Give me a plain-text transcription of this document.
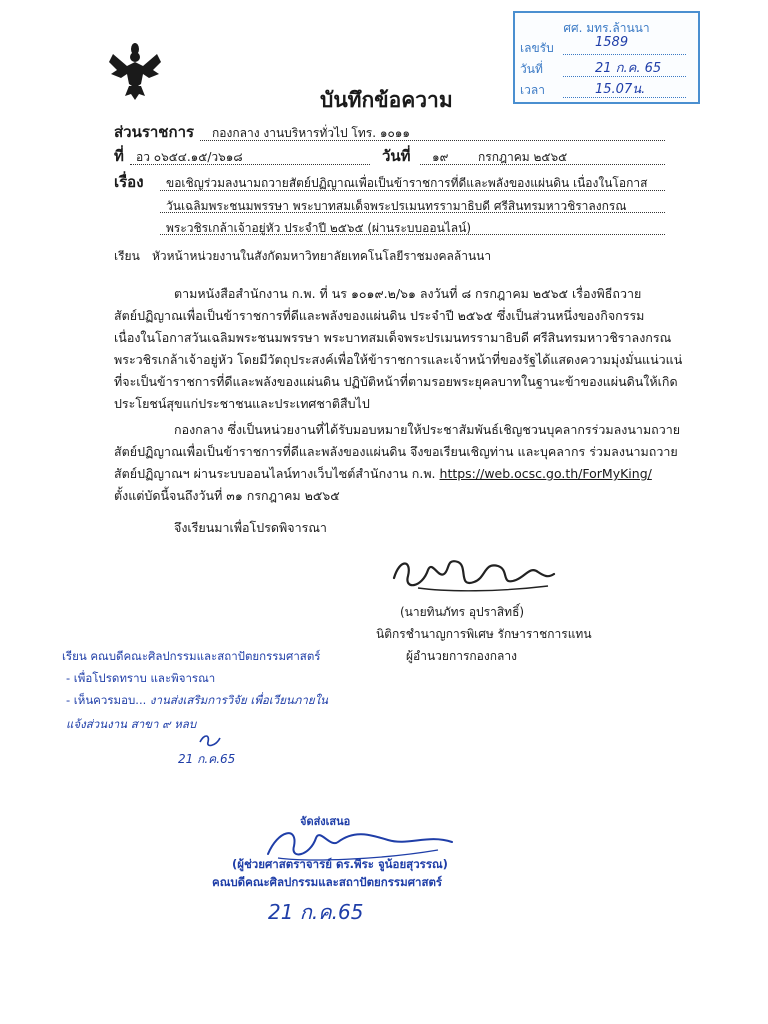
ศศ. มทร.ล้านนา
เลขรับ	1589
วันที่	21 ก.ค. 65
เวลา	15.07น.
บันทึกข้อความ
ส่วนราชการ กองกลาง งานบริหารทั่วไป โทร. ๑๐๑๑
ที่ อว ๐๖๕๔.๑๕/ว๖๑๘	วันที่ ๑๙ กรกฎาคม ๒๕๖๕
เรื่อง ขอเชิญร่วมลงนามถวายสัตย์ปฏิญาณเพื่อเป็นข้าราชการที่ดีและพลังของแผ่นดิน เนื่องในโอกาส
วันเฉลิมพระชนมพรรษา พระบาทสมเด็จพระปรเมนทรรามาธิบดี ศรีสินทรมหาวชิราลงกรณ
พระวชิรเกล้าเจ้าอยู่หัว ประจำปี ๒๕๖๕ (ผ่านระบบออนไลน์)
เรียน หัวหน้าหน่วยงานในสังกัดมหาวิทยาลัยเทคโนโลยีราชมงคลล้านนา
ตามหนังสือสำนักงาน ก.พ. ที่ นร ๑๐๑๙.๒/๖๑ ลงวันที่ ๘ กรกฎาคม ๒๕๖๕ เรื่องพิธีถวาย
สัตย์ปฏิญาณเพื่อเป็นข้าราชการที่ดีและพลังของแผ่นดิน ประจำปี ๒๕๖๕ ซึ่งเป็นส่วนหนึ่งของกิจกรรม
เนื่องในโอกาสวันเฉลิมพระชนมพรรษา พระบาทสมเด็จพระปรเมนทรรามาธิบดี ศรีสินทรมหาวชิราลงกรณ
พระวชิรเกล้าเจ้าอยู่หัว โดยมีวัตถุประสงค์เพื่อให้ข้าราชการและเจ้าหน้าที่ของรัฐได้แสดงความมุ่งมั่นแน่วแน่
ที่จะเป็นข้าราชการที่ดีและพลังของแผ่นดิน ปฏิบัติหน้าที่ตามรอยพระยุคลบาทในฐานะข้าของแผ่นดินให้เกิด
ประโยชน์สุขแก่ประชาชนและประเทศชาติสืบไป
กองกลาง ซึ่งเป็นหน่วยงานที่ได้รับมอบหมายให้ประชาสัมพันธ์เชิญชวนบุคลากรร่วมลงนามถวาย
สัตย์ปฏิญาณเพื่อเป็นข้าราชการที่ดีและพลังของแผ่นดิน จึงขอเรียนเชิญท่าน และบุคลากร ร่วมลงนามถวาย
สัตย์ปฏิญาณฯ ผ่านระบบออนไลน์ทางเว็บไซต์สำนักงาน ก.พ. https://web.ocsc.go.th/ForMyKing/
ตั้งแต่บัดนี้จนถึงวันที่ ๓๑ กรกฎาคม ๒๕๖๕
จึงเรียนมาเพื่อโปรดพิจารณา
(นายทินภัทร อุปราสิทธิ์)
นิติกรชำนาญการพิเศษ รักษาราชการแทน
ผู้อำนวยการกองกลาง
เรียน คณบดีคณะศิลปกรรมและสถาปัตยกรรมศาสตร์
- เพื่อโปรดทราบ และพิจารณา
- เห็นควรมอบ... งานส่งเสริมการวิจัย เพื่อเวียนภายใน
แจ้งส่วนงาน สาขา ๙ หลบ
21 ก.ค.65
จัดส่งเสนอ
(ผู้ช่วยศาสตราจารย์ ดร.พีระ จูน้อยสุวรรณ)
คณบดีคณะศิลปกรรมและสถาปัตยกรรมศาสตร์
21 ก.ค.65
